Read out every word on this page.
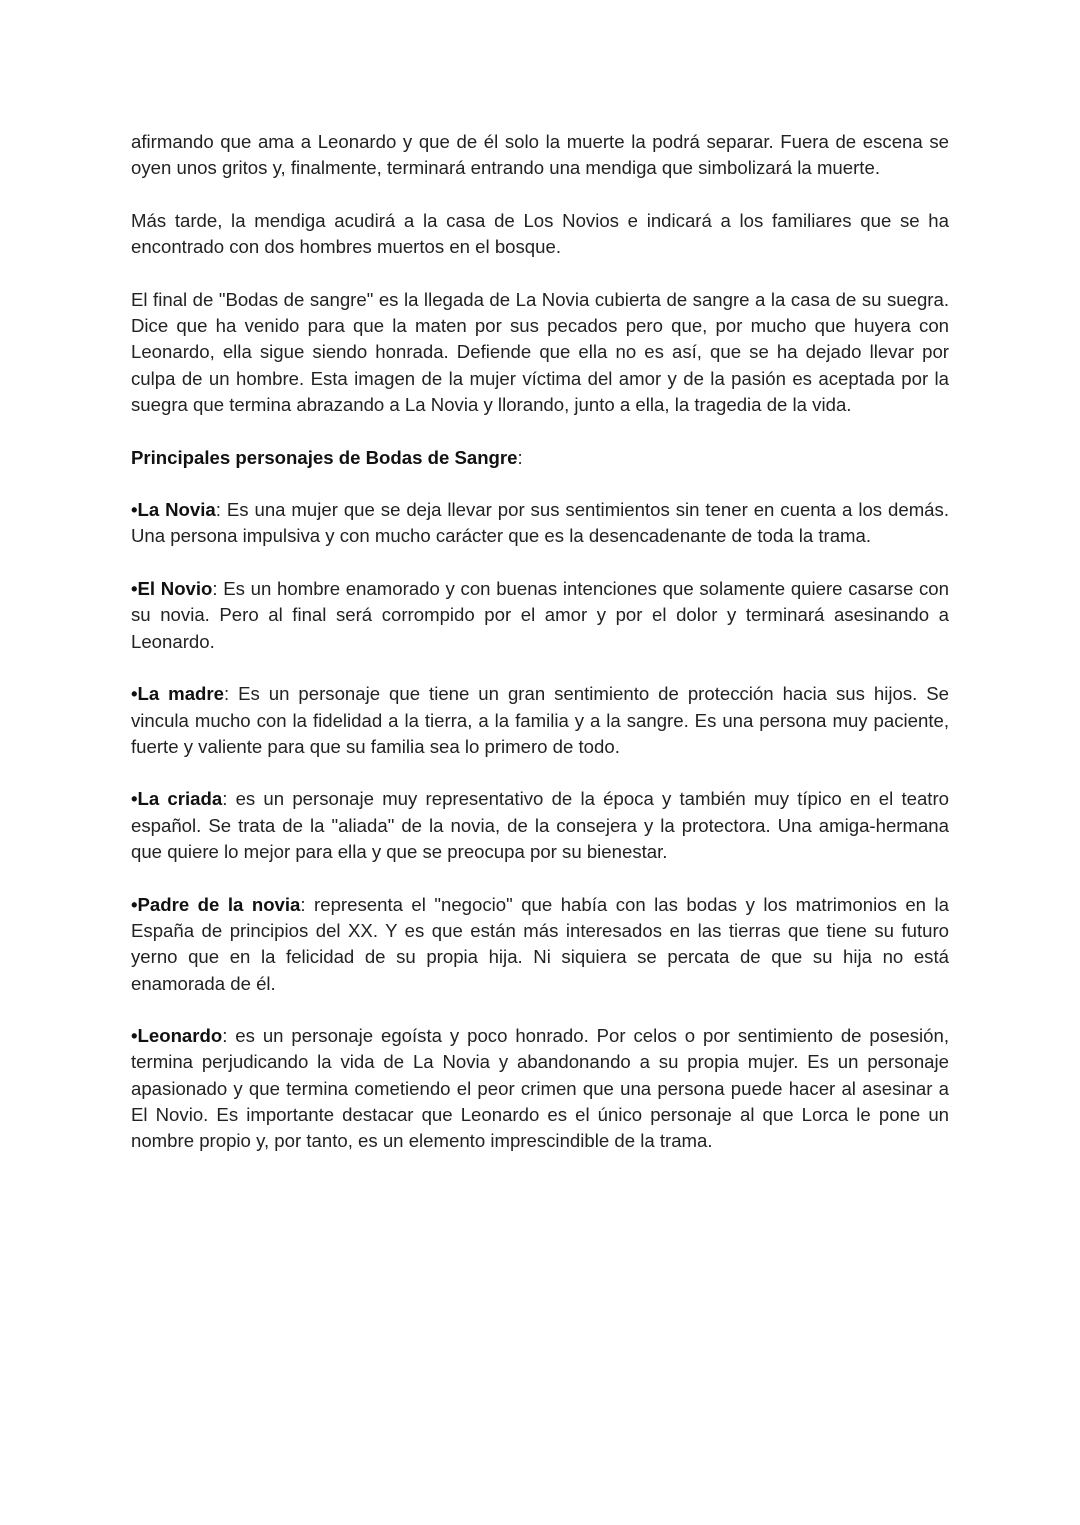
afirmando que ama a Leonardo y que de él solo la muerte la podrá separar. Fuera de escena se oyen unos gritos y, finalmente, terminará entrando una mendiga que simbolizará la muerte.

Más tarde, la mendiga acudirá a la casa de Los Novios e indicará a los familiares que se ha encontrado con dos hombres muertos en el bosque.

El final de "Bodas de sangre" es la llegada de La Novia cubierta de sangre a la casa de su suegra. Dice que ha venido para que la maten por sus pecados pero que, por mucho que huyera con Leonardo, ella sigue siendo honrada. Defiende que ella no es así, que se ha dejado llevar por culpa de un hombre. Esta imagen de la mujer víctima del amor y de la pasión es aceptada por la suegra que termina abrazando a La Novia y llorando, junto a ella, la tragedia de la vida.

Principales personajes de Bodas de Sangre:

•La Novia: Es una mujer que se deja llevar por sus sentimientos sin tener en cuenta a los demás. Una persona impulsiva y con mucho carácter que es la desencadenante de toda la trama.

•El Novio: Es un hombre enamorado y con buenas intenciones que solamente quiere casarse con su novia. Pero al final será corrompido por el amor y por el dolor y terminará asesinando a Leonardo.

•La madre: Es un personaje que tiene un gran sentimiento de protección hacia sus hijos. Se vincula mucho con la fidelidad a la tierra, a la familia y a la sangre. Es una persona muy paciente, fuerte y valiente para que su familia sea lo primero de todo.

•La criada: es un personaje muy representativo de la época y también muy típico en el teatro español. Se trata de la "aliada" de la novia, de la consejera y la protectora. Una amiga-hermana que quiere lo mejor para ella y que se preocupa por su bienestar.

•Padre de la novia: representa el "negocio" que había con las bodas y los matrimonios en la España de principios del XX. Y es que están más interesados en las tierras que tiene su futuro yerno que en la felicidad de su propia hija. Ni siquiera se percata de que su hija no está enamorada de él.

•Leonardo: es un personaje egoísta y poco honrado. Por celos o por sentimiento de posesión, termina perjudicando la vida de La Novia y abandonando a su propia mujer. Es un personaje apasionado y que termina cometiendo el peor crimen que una persona puede hacer al asesinar a El Novio. Es importante destacar que Leonardo es el único personaje al que Lorca le pone un nombre propio y, por tanto, es un elemento imprescindible de la trama.
